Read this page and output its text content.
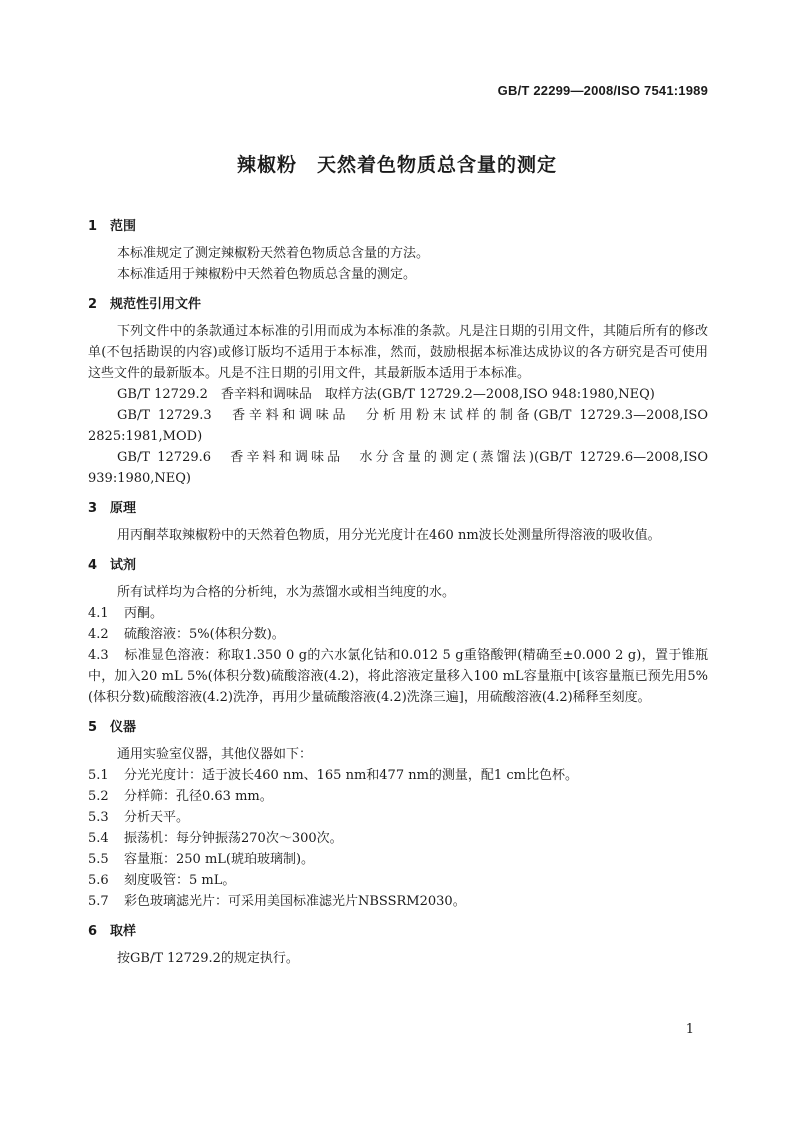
GB/T 22299—2008/ISO 7541:1989
辣椒粉　天然着色物质总含量的测定
1 范围

本标准规定了测定辣椒粉天然着色物质总含量的方法。

本标准适用于辣椒粉中天然着色物质总含量的测定。

2 规范性引用文件

下列文件中的条款通过本标准的引用而成为本标准的条款。凡是注日期的引用文件，其随后所有的修改单(不包括勘误的内容)或修订版均不适用于本标准，然而，鼓励根据本标准达成协议的各方研究是否可使用这些文件的最新版本。凡是不注日期的引用文件，其最新版本适用于本标准。

GB/T 12729.2　香辛料和调味品　取样方法(GB/T 12729.2—2008,ISO 948:1980,NEQ)

GB/T 12729.3　香辛料和调味品　分析用粉末试样的制备(GB/T 12729.3—2008,ISO 2825:1981,MOD)

GB/T 12729.6　香辛料和调味品　水分含量的测定(蒸馏法)(GB/T 12729.6—2008,ISO 939:1980,NEQ)

3 原理

用丙酮萃取辣椒粉中的天然着色物质，用分光光度计在460 nm波长处测量所得溶液的吸收值。

4 试剂

所有试样均为合格的分析纯，水为蒸馏水或相当纯度的水。

4.1 丙酮。

4.2 硫酸溶液：5%(体积分数)。

4.3 标准显色溶液：称取1.350 0 g的六水氯化钴和0.012 5 g重铬酸钾(精确至±0.000 2 g)，置于锥瓶中，加入20 mL 5%(体积分数)硫酸溶液(4.2)，将此溶液定量移入100 mL容量瓶中[该容量瓶已预先用5%(体积分数)硫酸溶液(4.2)洗净，再用少量硫酸溶液(4.2)洗涤三遍]，用硫酸溶液(4.2)稀释至刻度。

5 仪器

通用实验室仪器，其他仪器如下：

5.1 分光光度计：适于波长460 nm、165 nm和477 nm的测量，配1 cm比色杯。

5.2 分样筛：孔径0.63 mm。

5.3 分析天平。

5.4 振荡机：每分钟振荡270次～300次。

5.5 容量瓶：250 mL(琥珀玻璃制)。

5.6 刻度吸管：5 mL。

5.7 彩色玻璃滤光片：可采用美国标准滤光片NBSSRM2030。

6 取样

按GB/T 12729.2的规定执行。

1
